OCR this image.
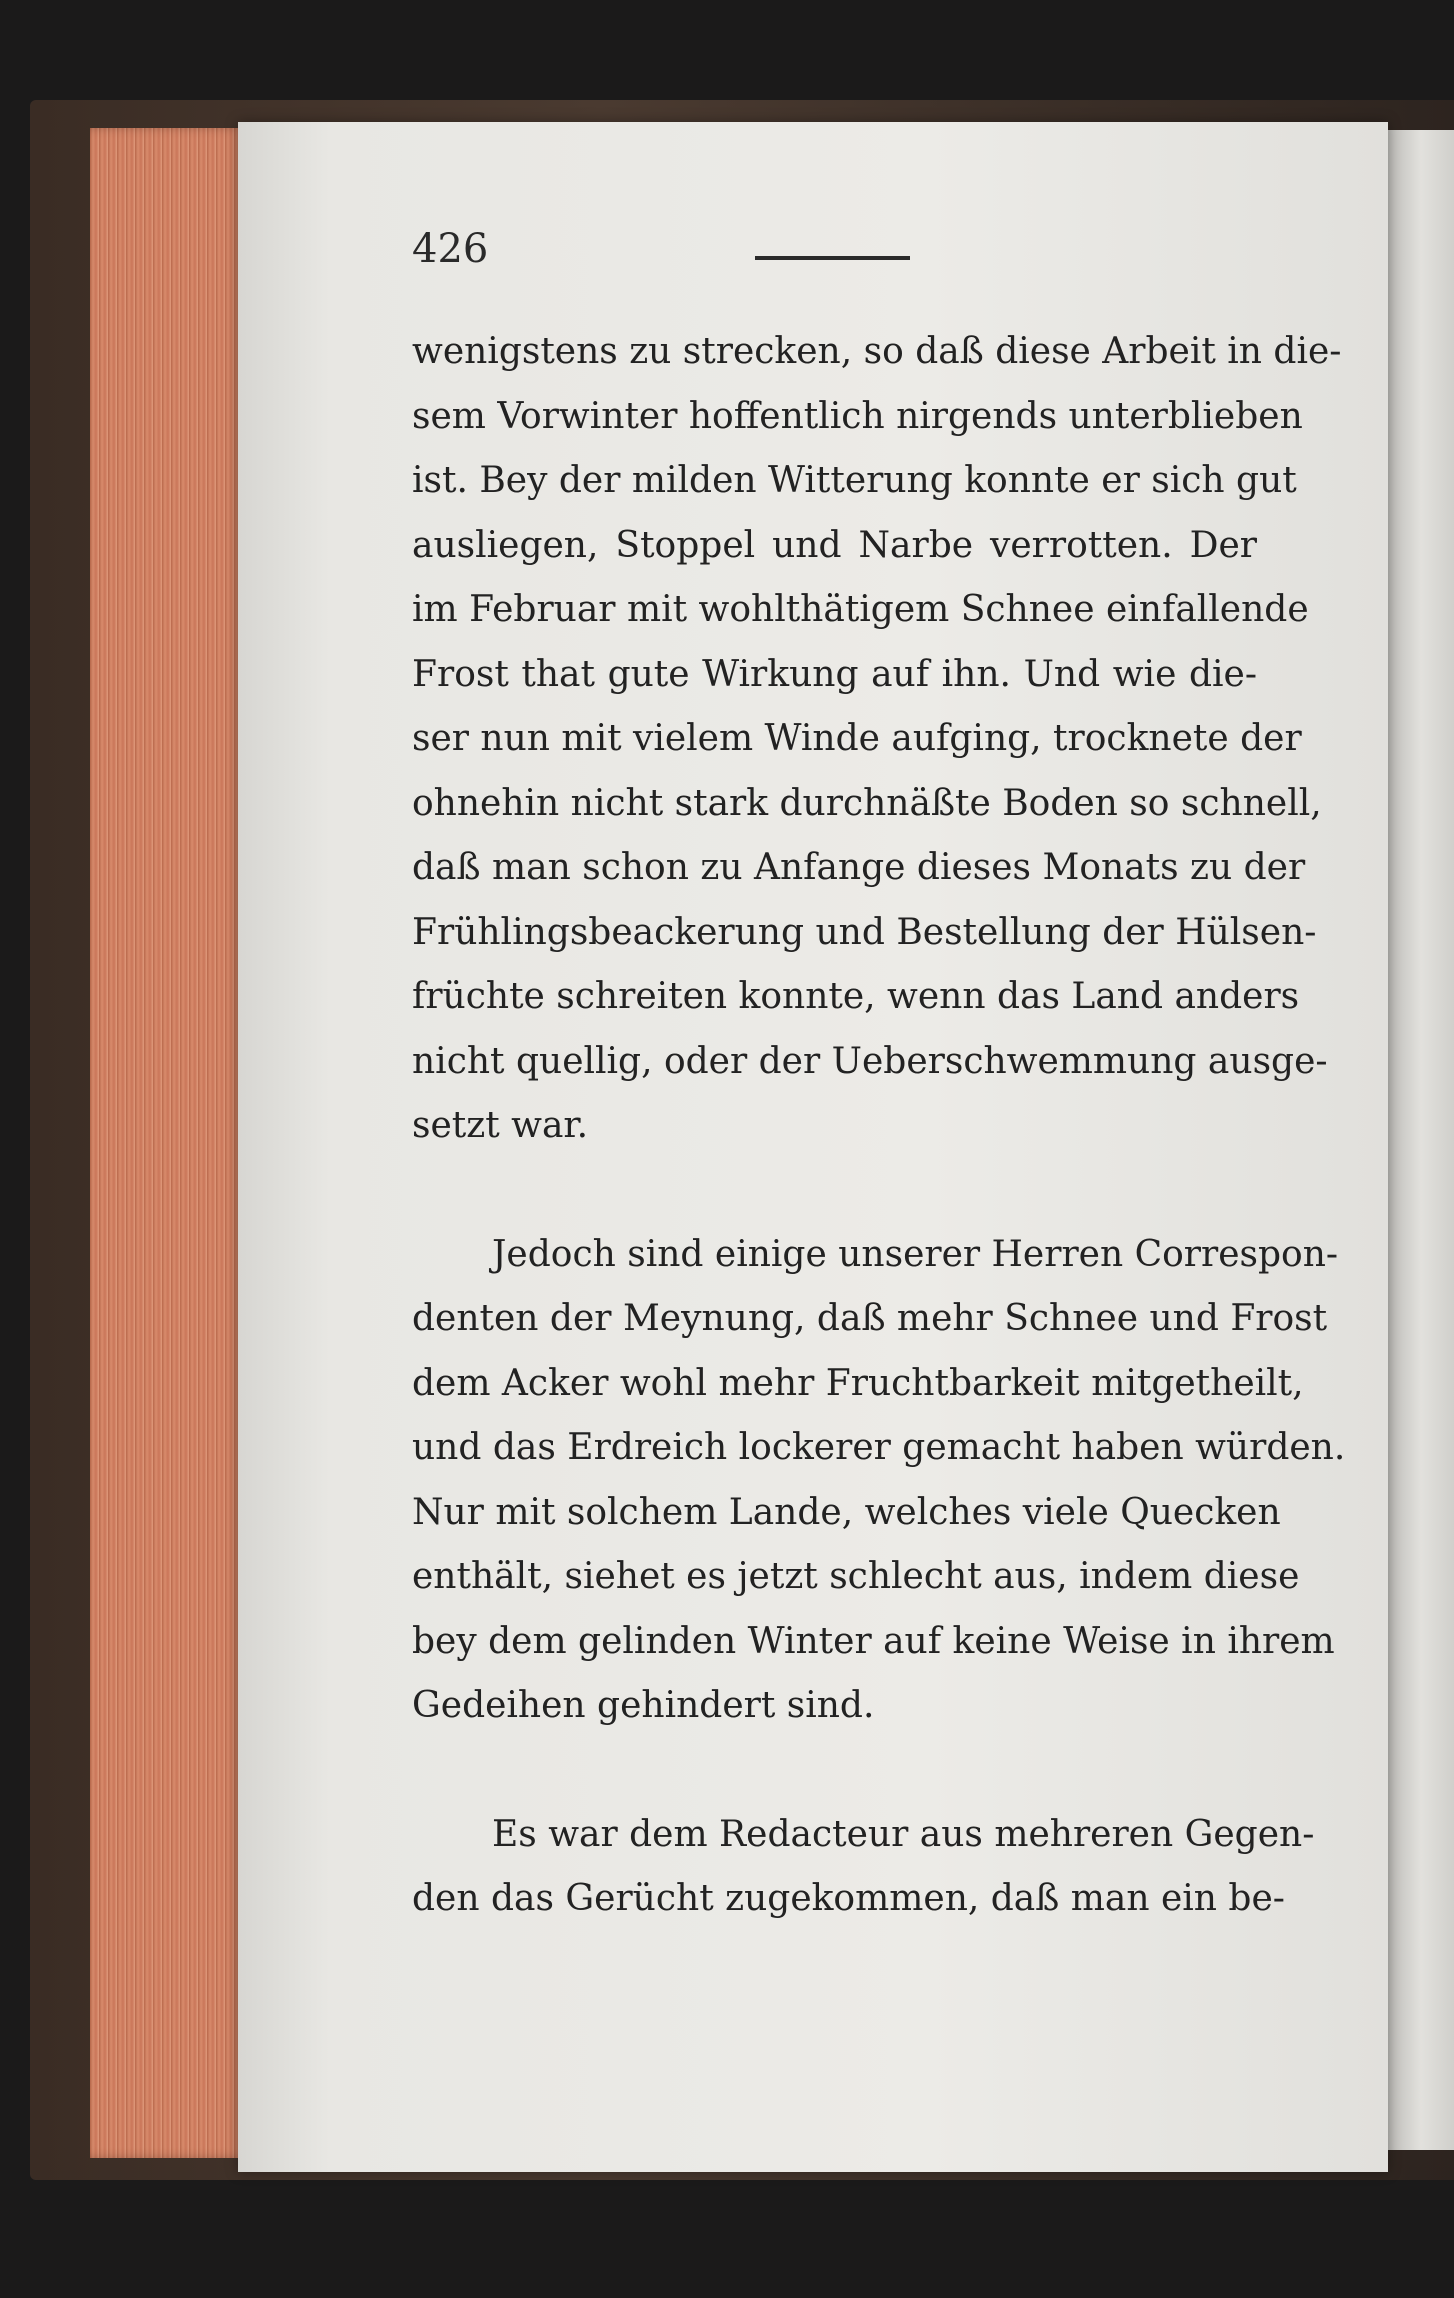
426

wenigstens zu strecken, so daß diese Arbeit in die-
sem Vorwinter hoffentlich nirgends unterblieben
ist. Bey der milden Witterung konnte er sich gut
ausliegen, Stoppel und Narbe verrotten. Der
im Februar mit wohlthätigem Schnee einfallende
Frost that gute Wirkung auf ihn. Und wie die-
ser nun mit vielem Winde aufging, trocknete der
ohnehin nicht stark durchnäßte Boden so schnell,
daß man schon zu Anfange dieses Monats zu der
Frühlingsbeackerung und Bestellung der Hülsen-
früchte schreiten konnte, wenn das Land anders
nicht quellig, oder der Ueberschwemmung ausge-
setzt war.

Jedoch sind einige unserer Herren Correspon-
denten der Meynung, daß mehr Schnee und Frost
dem Acker wohl mehr Fruchtbarkeit mitgetheilt,
und das Erdreich lockerer gemacht haben würden.
Nur mit solchem Lande, welches viele Quecken
enthält, siehet es jetzt schlecht aus, indem diese
bey dem gelinden Winter auf keine Weise in ihrem
Gedeihen gehindert sind.

Es war dem Redacteur aus mehreren Gegen-
den das Gerücht zugekommen, daß man ein be-
